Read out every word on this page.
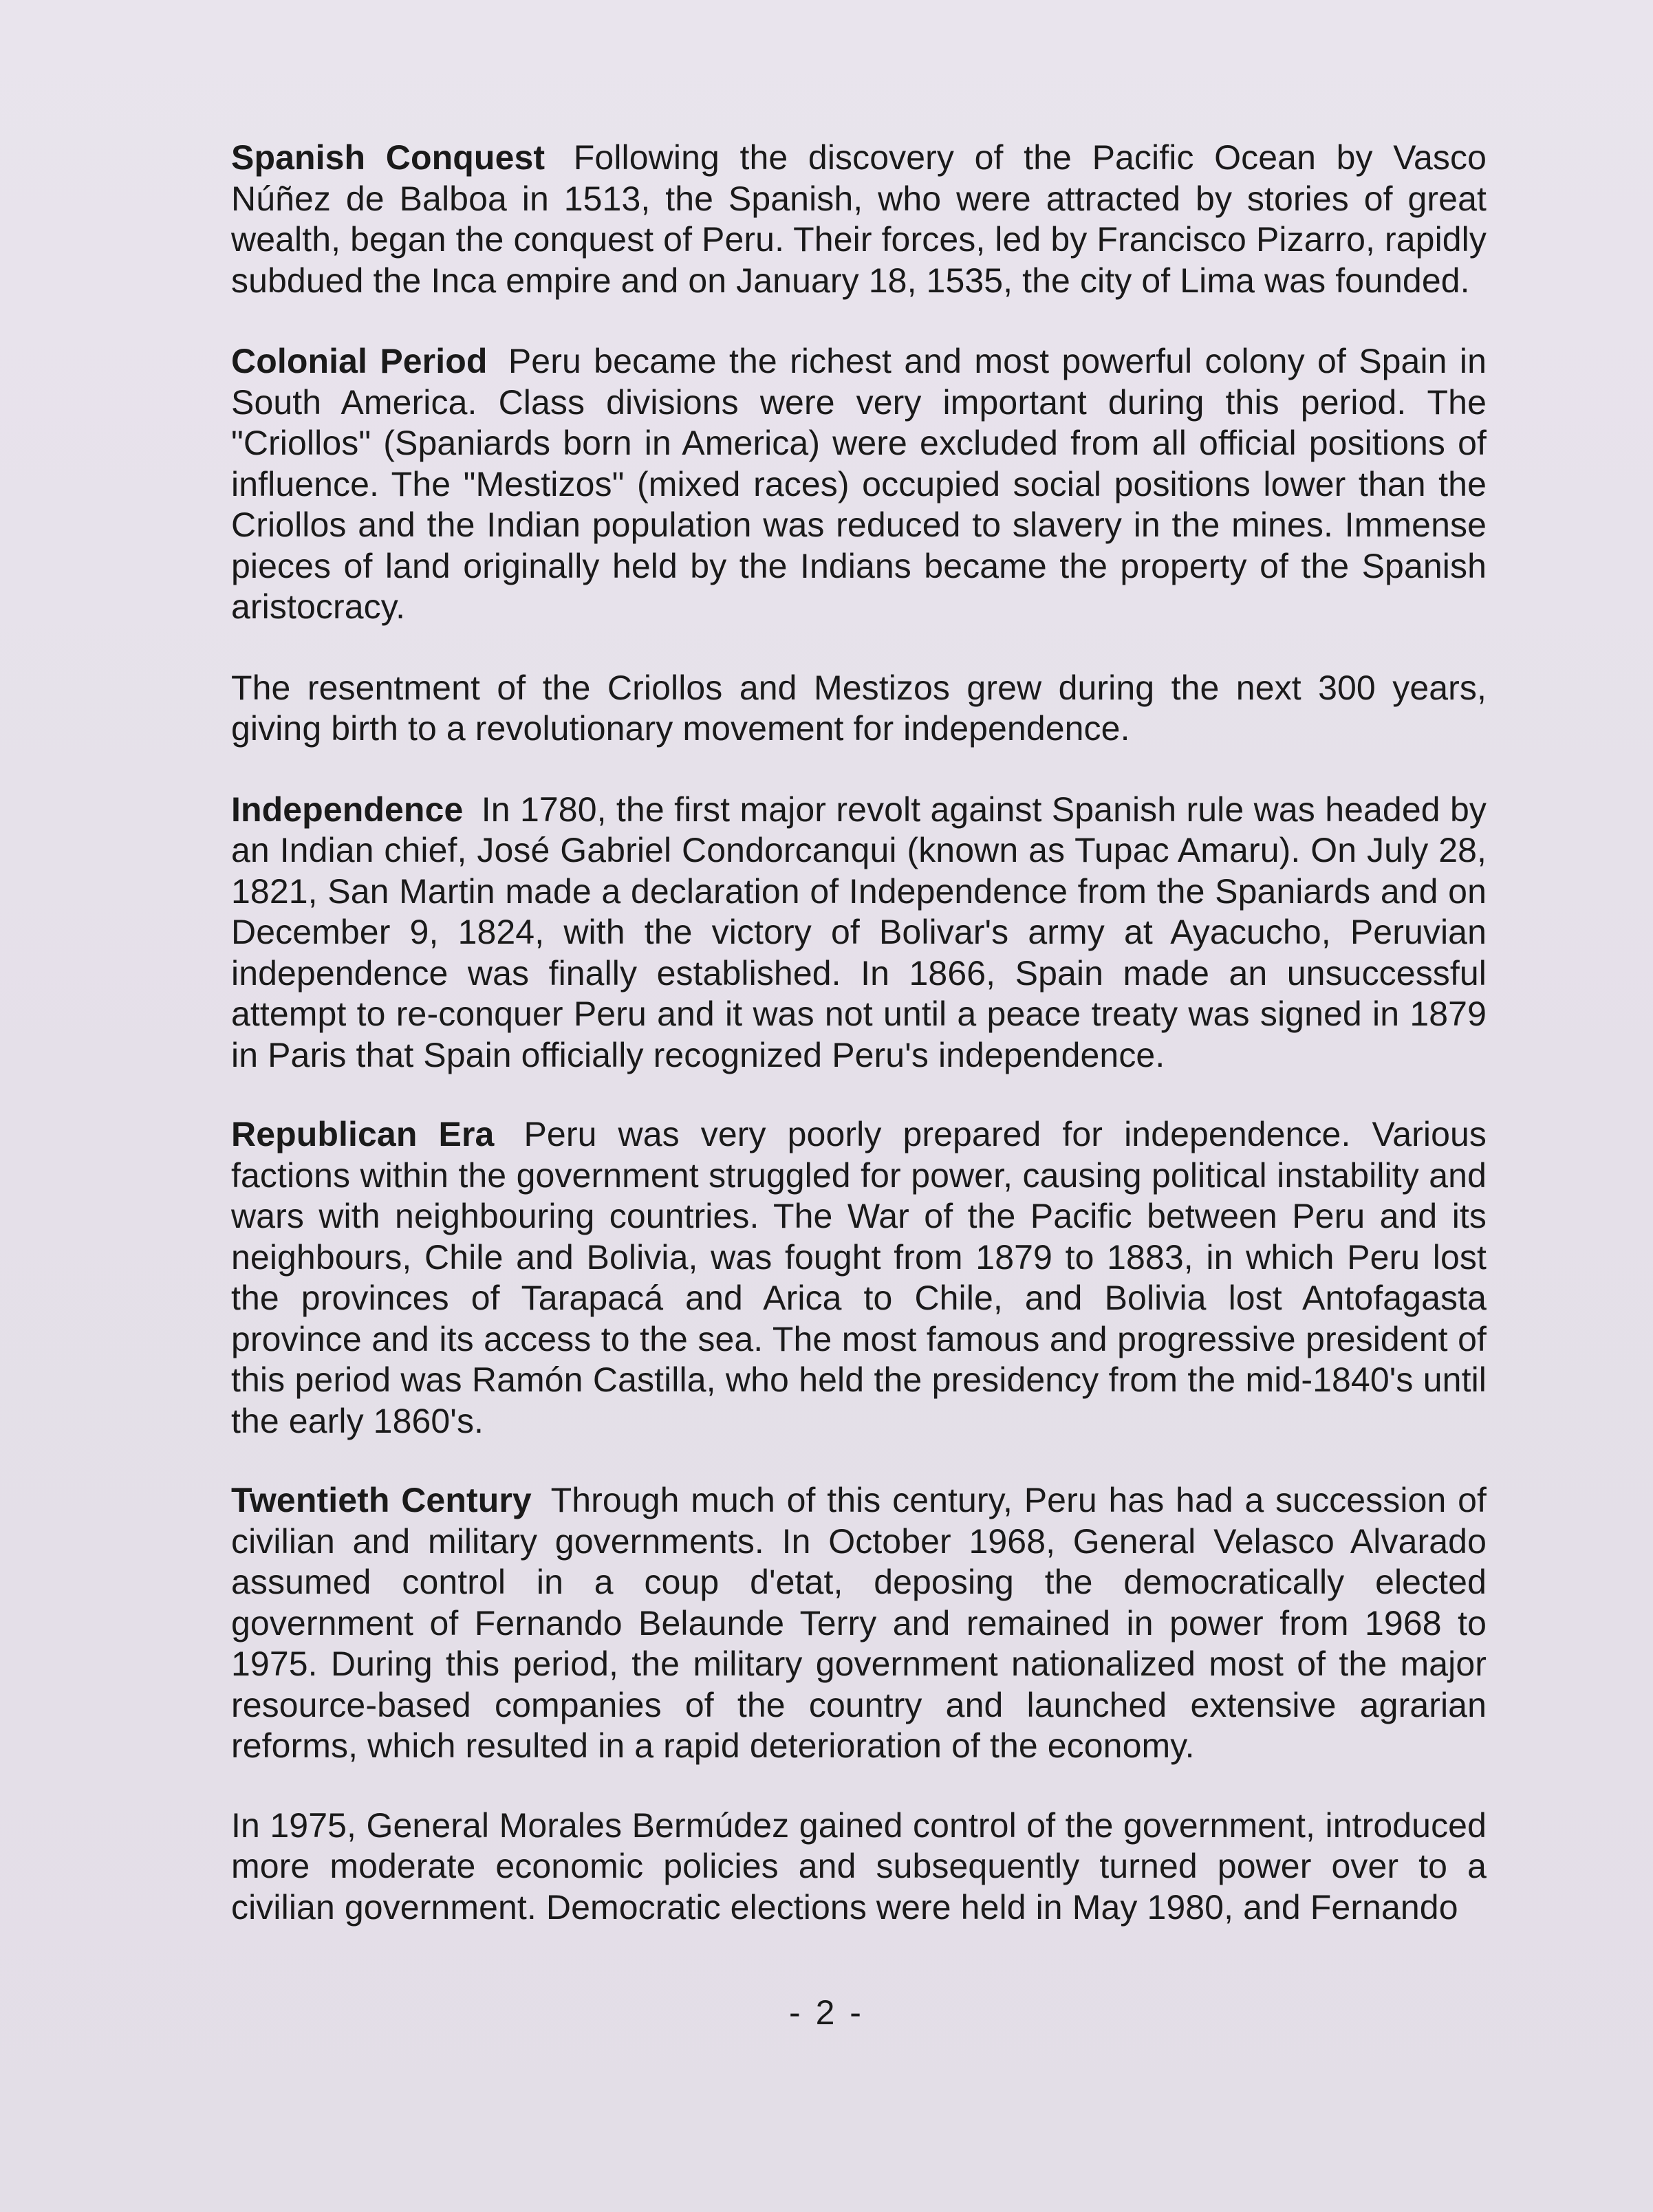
Spanish Conquest Following the discovery of the Pacific Ocean by Vasco Núñez de Balboa in 1513, the Spanish, who were attracted by stories of great wealth, began the conquest of Peru. Their forces, led by Francisco Pizarro, rapidly subdued the Inca empire and on January 18, 1535, the city of Lima was founded.

Colonial Period Peru became the richest and most powerful colony of Spain in South America. Class divisions were very important during this period. The "Criollos" (Spaniards born in America) were excluded from all official positions of influence. The "Mestizos" (mixed races) occupied social positions lower than the Criollos and the Indian population was reduced to slavery in the mines. Immense pieces of land originally held by the Indians became the property of the Spanish aristocracy.

The resentment of the Criollos and Mestizos grew during the next 300 years, giving birth to a revolutionary movement for independence.

Independence In 1780, the first major revolt against Spanish rule was headed by an Indian chief, José Gabriel Condorcanqui (known as Tupac Amaru). On July 28, 1821, San Martin made a declaration of Independence from the Spaniards and on December 9, 1824, with the victory of Bolivar's army at Ayacucho, Peruvian independence was finally established. In 1866, Spain made an unsuccessful attempt to re-conquer Peru and it was not until a peace treaty was signed in 1879 in Paris that Spain officially recognized Peru's independence.

Republican Era Peru was very poorly prepared for independence. Various factions within the government struggled for power, causing political instability and wars with neighbouring countries. The War of the Pacific between Peru and its neighbours, Chile and Bolivia, was fought from 1879 to 1883, in which Peru lost the provinces of Tarapacá and Arica to Chile, and Bolivia lost Antofagasta province and its access to the sea. The most famous and progressive president of this period was Ramón Castilla, who held the presidency from the mid-1840's until the early 1860's.

Twentieth Century Through much of this century, Peru has had a succession of civilian and military governments. In October 1968, General Velasco Alvarado assumed control in a coup d'etat, deposing the democratically elected government of Fernando Belaunde Terry and remained in power from 1968 to 1975. During this period, the military government nationalized most of the major resource-based companies of the country and launched extensive agrarian reforms, which resulted in a rapid deterioration of the economy.

In 1975, General Morales Bermúdez gained control of the government, introduced more moderate economic policies and subsequently turned power over to a civilian government. Democratic elections were held in May 1980, and Fernando

- 2 -
